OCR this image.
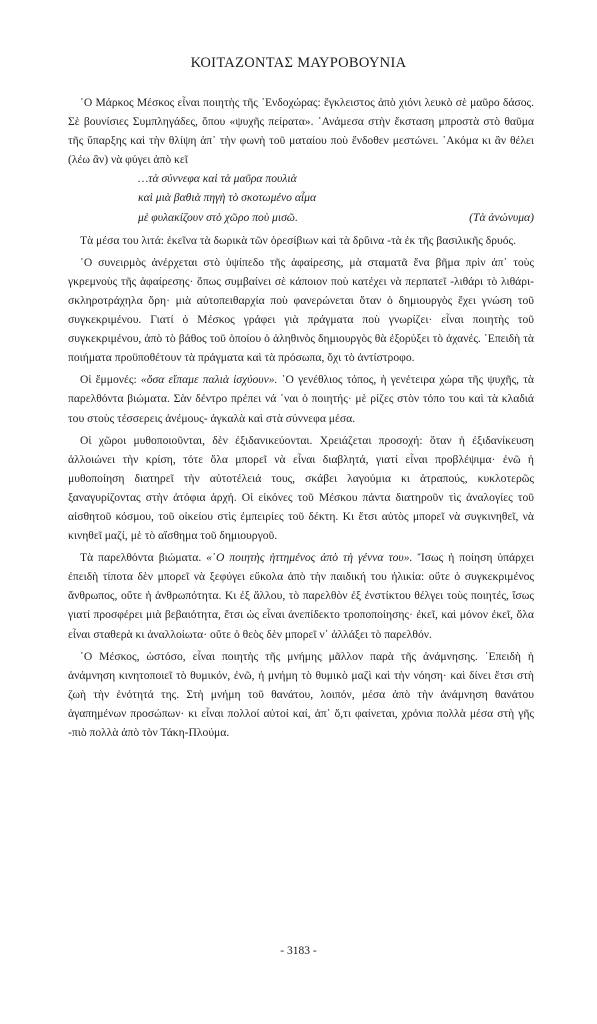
ΚΟΙΤΑΖΟΝΤΑΣ ΜΑΥΡΟΒΟΥΝΙΑ

῾Ο Μάρκος Μέσκος εἶναι ποιητὴς τῆς ᾿Ενδοχώρας: ἔγκλειστος ἀπὸ χιόνι λευκὸ σὲ μαῦρο δάσος. Σὲ βουνίσιες Συμπληγάδες, ὅπου «ψυχῆς πείρατα». ᾿Ανάμεσα στὴν ἔκσταση μπροστὰ στὸ θαῦμα τῆς ὕπαρξης καὶ τὴν θλίψη ἀπ᾿ τὴν φωνὴ τοῦ ματαίου ποὺ ἔνδοθεν μεστώνει. ᾿Ακόμα κι ἂν θέλει (λέω ἂν) νὰ φύγει ἀπὸ κεῖ

…τὰ σύννεφα καὶ τὰ μαῦρα πουλιὰ
καὶ μιὰ βαθιὰ πηγὴ τὸ σκοτωμένο αἷμα
μὲ φυλακίζουν στὸ χῶρο ποὺ μισῶ.	(Τὰ ἀνώνυμα)

Τὰ μέσα του λιτά: ἐκεῖνα τὰ δωρικὰ τῶν ὀρεσίβιων καὶ τὰ δρΰινα -τὰ ἐκ τῆς βασιλικῆς δρυός.

῾Ο συνειρμὸς ἀνέρχεται στὸ ὑψίπεδο τῆς ἀφαίρεσης, μὰ σταματᾶ ἕνα βῆμα πρὶν ἀπ᾿ τοὺς γκρεμνοὺς τῆς ἀφαίρεσης· ὅπως συμβαίνει σὲ κάποιον ποὺ κατέχει νὰ περπατεῖ -λιθάρι τὸ λιθάρι- σκληροτράχηλα ὄρη· μιὰ αὐτοπειθαρχία ποὺ φανερώνεται ὅταν ὁ δημιουργὸς ἔχει γνώση τοῦ συγκεκριμένου. Γιατί ὁ Μέσκος γράφει γιὰ πράγματα ποὺ γνωρίζει· εἶναι ποιητὴς τοῦ συγκεκριμένου, ἀπὸ τὸ βάθος τοῦ ὁποίου ὁ ἀληθινὸς δημιουργὸς θὰ ἐξορύξει τὸ ἀχανές. ᾿Επειδὴ τὰ ποιήματα προϋποθέτουν τὰ πράγματα καὶ τὰ πρόσωπα, ὄχι τὸ ἀντίστροφο.

Οἱ ἔμμονές: «ὅσα εἴπαμε παλιὰ ἰσχύουν». ῾Ο γενέθλιος τόπος, ἡ γενέτειρα χώρα τῆς ψυχῆς, τὰ παρελθόντα βιώματα. Σὰν δέντρο πρέπει νά ῾ναι ὁ ποιητής· μὲ ρίζες στὸν τόπο του καὶ τὰ κλαδιά του στοὺς τέσσερεις ἀνέμους- ἀγκαλὰ καὶ στὰ σύννεφα μέσα.

Οἱ χῶροι μυθοποιοῦνται, δὲν ἐξιδανικεύονται. Χρειάζεται προσοχή: ὅταν ἡ ἐξιδανίκευση ἀλλοιώνει τὴν κρίση, τότε ὅλα μπορεῖ νὰ εἶναι διαβλητά, γιατί εἶναι προβλέψιμα· ἐνῶ ἡ μυθοποίηση διατηρεῖ τὴν αὐτοτέλειά τους, σκάβει λαγούμια κι ἀτραπούς, κυκλοτερῶς ξαναγυρίζοντας στὴν ἀτόφια ἀρχή. Οἱ εἰκόνες τοῦ Μέσκου πάντα διατηροῦν τὶς ἀναλογίες τοῦ αἰσθητοῦ κόσμου, τοῦ οἰκείου στὶς ἐμπειρίες τοῦ δέκτη. Κι ἔτσι αὐτὸς μπορεῖ νὰ συγκινηθεῖ, νὰ κινηθεῖ μαζί, μὲ τὸ αἴσθημα τοῦ δημιουργοῦ.

Τὰ παρελθόντα βιώματα. «῾Ο ποιητὴς ἡττημένος ἀπὸ τὴ γέννα του». Ἴσως ἡ ποίηση ὑπάρχει ἐπειδὴ τίποτα δὲν μπορεῖ νὰ ξεφύγει εὔκολα ἀπὸ τὴν παιδική του ἡλικία: οὔτε ὁ συγκεκριμένος ἄνθρωπος, οὔτε ἡ ἀνθρωπότητα. Κι ἐξ ἄλλου, τὸ παρελθὸν ἐξ ἐνστίκτου θέλγει τοὺς ποιητές, ἴσως γιατί προσφέρει μιὰ βεβαιότητα, ἔτσι ὡς εἶναι ἀνεπίδεκτο τροποποίησης· ἐκεῖ, καὶ μόνον ἐκεῖ, ὅλα εἶναι σταθερὰ κι ἀναλλοίωτα· οὔτε ὁ θεὸς δὲν μπορεῖ ν᾿ ἀλλάξει τὸ παρελθόν.

῾Ο Μέσκος, ὡστόσο, εἶναι ποιητὴς τῆς μνήμης μᾶλλον παρὰ τῆς ἀνάμνησης. ᾿Επειδὴ ἡ ἀνάμνηση κινητοποιεῖ τὸ θυμικόν, ἐνῶ, ἡ μνήμη τὸ θυμικὸ μαζὶ καὶ τὴν νόηση· καὶ δίνει ἔτσι στὴ ζωὴ τὴν ἑνότητά της. Στὴ μνήμη τοῦ θανάτου, λοιπόν, μέσα ἀπὸ τὴν ἀνάμνηση θανάτου ἀγαπημένων προσώπων· κι εἶναι πολλοί αὐτοί καί, ἀπ᾿ ὅ,τι φαίνεται, χρόνια πολλὰ μέσα στὴ γῆς -πιὸ πολλὰ ἀπὸ τὸν Τάκη-Πλούμα.

- 3183 -
